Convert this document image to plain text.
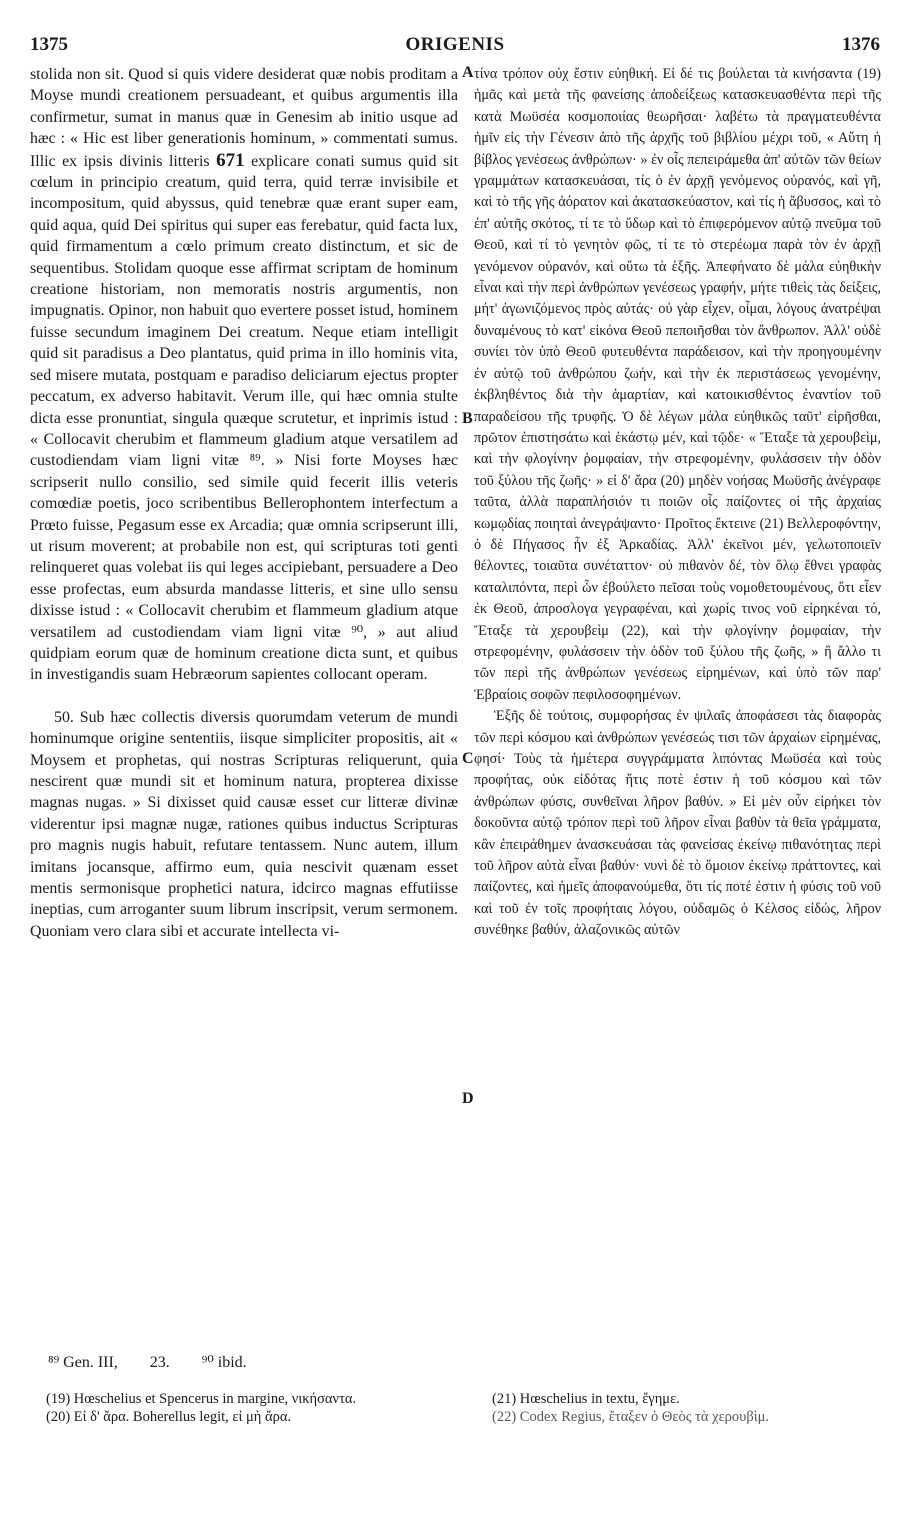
1375	ORIGENIS	1376

stolida non sit. Quod si quis videre desiderat quæ nobis proditam a Moyse mundi creationem persuadeant, et quibus argumentis illa confirmetur, sumat in manus quæ in Genesim ab initio usque ad hæc : « Hic est liber generationis hominum, » commentati sumus. Illic ex ipsis divinis litteris 671 explicare conati sumus quid sit cœlum in principio creatum, quid terra, quid terræ invisibile et incompositum, quid abyssus, quid tenebræ quæ erant super eam, quid aqua, quid Dei spiritus qui super eas ferebatur, quid facta lux, quid firmamentum a cœlo primum creato distinctum, et sic de sequentibus. Stolidam quoque esse affirmat scriptam de hominum creatione historiam, non memoratis nostris argumentis, non impugnatis. Opinor, non habuit quo evertere posset istud, hominem fuisse secundum imaginem Dei creatum. Neque etiam intelligit quid sit paradisus a Deo plantatus, quid prima in illo hominis vita, sed misere mutata, postquam e paradiso deliciarum ejectus propter peccatum, ex adverso habitavit. Verum ille, qui hæc omnia stulte dicta esse pronuntiat, singula quæque scrutetur, et inprimis istud : « Collocavit cherubim et flammeum gladium atque versatilem ad custodiendam viam ligni vitæ ⁸⁹. » Nisi forte Moyses hæc scripserit nullo consilio, sed simile quid fecerit illis veteris comœdiæ poetis, joco scribentibus Bellerophontem interfectum a Prœto fuisse, Pegasum esse ex Arcadia; quæ omnia scripserunt illi, ut risum moverent; at probabile non est, qui scripturas toti genti relinqueret quas volebat iis qui leges accipiebant, persuadere a Deo esse profectas, eum absurda mandasse litteris, et sine ullo sensu dixisse istud : « Collocavit cherubim et flammeum gladium atque versatilem ad custodiendam viam ligni vitæ ⁹⁰, » aut aliud quidpiam eorum quæ de hominum creatione dicta sunt, et quibus in investigandis suam Hebræorum sapientes collocant operam.

50. Sub hæc collectis diversis quorumdam veterum de mundi hominumque origine sententiis, iisque simpliciter propositis, ait « Moysem et prophetas, qui nostras Scripturas reliquerunt, quia nescirent quæ mundi sit et hominum natura, propterea dixisse magnas nugas. » Si dixisset quid causæ esset cur litteræ divinæ viderentur ipsi magnæ nugæ, rationes quibus inductus Scripturas pro magnis nugis habuit, refutare tentassem. Nunc autem, illum imitans jocansque, affirmo eum, quia nescivit quænam esset mentis sermonisque prophetici natura, idcirco magnas effutiisse ineptias, cum arroganter suum librum inscripsit, verum sermonem. Quoniam vero clara sibi et accurate intellecta vi-

τίνα τρόπον οὐχ ἔστιν εὐηθική. Εἰ δέ τις βούλεται τὰ κινήσαντα (19) ἡμᾶς καὶ μετὰ τῆς φανείσης ἀποδείξεως κατασκευασθέντα περὶ τῆς κατὰ Μωϋσέα κοσμοποιίας θεωρῆσαι· λαβέτω τὰ πραγματευθέντα ἡμῖν εἰς τὴν Γένεσιν ἀπὸ τῆς ἀρχῆς τοῦ βιβλίου μέχρι τοῦ, « Αὕτη ἡ βίβλος γενέσεως ἀνθρώπων· » ἐν οἷς πεπειράμεθα ἀπ' αὐτῶν τῶν θείων γραμμάτων κατασκευάσαι, τίς ὁ ἐν ἀρχῇ γενόμενος οὐρανός, καὶ γῆ, καὶ τὸ τῆς γῆς ἀόρατον καὶ ἀκατασκεύαστον, καὶ τίς ἡ ἄβυσσος, καὶ τὸ ἐπ' αὐτῆς σκότος, τί τε τὸ ὕδωρ καὶ τὸ ἐπιφερόμενον αὐτῷ πνεῦμα τοῦ Θεοῦ, καὶ τί τὸ γενητὸν φῶς, τί τε τὸ στερέωμα παρὰ τὸν ἐν ἀρχῇ γενόμενον οὐρανόν, καὶ οὕτω τὰ ἑξῆς. Ἀπεφήνατο δὲ μάλα εὐηθικὴν εἶναι καὶ τὴν περὶ ἀνθρώπων γενέσεως γραφήν, μήτε τιθεὶς τὰς δείξεις, μήτ' ἀγωνιζόμενος πρὸς αὐτάς· οὐ γὰρ εἶχεν, οἶμαι, λόγους ἀνατρέψαι δυναμένους τὸ κατ' εἰκόνα Θεοῦ πεποιῆσθαι τὸν ἄνθρωπον. Ἀλλ' οὐδὲ συνίει τὸν ὑπὸ Θεοῦ φυτευθέντα παράδεισον, καὶ τὴν προηγουμένην ἐν αὐτῷ τοῦ ἀνθρώπου ζωήν, καὶ τὴν ἐκ περιστάσεως γενομένην, ἐκβληθέντος διὰ τὴν ἁμαρτίαν, καὶ κατοικισθέντος ἐναντίον τοῦ παραδείσου τῆς τρυφῆς. Ὁ δὲ λέγων μάλα εὐηθικῶς ταῦτ' εἰρῆσθαι, πρῶτον ἐπιστησάτω καὶ ἑκάστῳ μέν, καὶ τῷδε· « Ἔταξε τὰ χερουβεὶμ, καὶ τὴν φλογίνην ῥομφαίαν, τὴν στρεφομένην, φυλάσσειν τὴν ὁδὸν τοῦ ξύλου τῆς ζωῆς· » εἰ δ' ἄρα (20) μηδὲν νοήσας Μωϋσῆς ἀνέγραφε ταῦτα, ἀλλὰ παραπλήσιόν τι ποιῶν οἷς παίζοντες οἱ τῆς ἀρχαίας κωμῳδίας ποιηταὶ ἀνεγράψαντο· Προῖτος ἔκτεινε (21) Βελλεροφόντην, ὁ δὲ Πήγασος ἦν ἐξ Ἀρκαδίας. Ἀλλ' ἐκεῖνοι μέν, γελωτοποιεῖν θέλοντες, τοιαῦτα συνέταττον· οὐ πιθανὸν δέ, τὸν ὅλῳ ἔθνει γραφὰς καταλιπόντα, περὶ ὧν ἐβούλετο πεῖσαι τοὺς νομοθετουμένους, ὅτι εἶεν ἐκ Θεοῦ, ἀπροσλογα γεγραφέναι, καὶ χωρίς τινος νοῦ εἰρηκέναι τό, Ἔταξε τὰ χερουβεὶμ (22), καὶ τὴν φλογίνην ῥομφαίαν, τὴν στρεφομένην, φυλάσσειν τὴν ὁδὸν τοῦ ξύλου τῆς ζωῆς, » ἢ ἄλλο τι τῶν περὶ τῆς ἀνθρώπων γενέσεως εἰρημένων, καὶ ὑπὸ τῶν παρ' Ἑβραίοις σοφῶν πεφιλοσοφημένων.

Ἑξῆς δὲ τούτοις, συμφορήσας ἐν ψιλαῖς ἀποφάσεσι τὰς διαφορὰς τῶν περὶ κόσμου καὶ ἀνθρώπων γενέσεώς τισι τῶν ἀρχαίων εἰρημένας, φησί· Τοὺς τὰ ἡμέτερα συγγράμματα λιπόντας Μωϋσέα καὶ τοὺς προφήτας, οὐκ εἰδότας ἥτις ποτὲ ἐστιν ἡ τοῦ κόσμου καὶ τῶν ἀνθρώπων φύσις, συνθεῖναι λῆρον βαθύν. » Εἰ μὲν οὖν εἰρήκει τὸν δοκοῦντα αὐτῷ τρόπον περὶ τοῦ λῆρον εἶναι βαθὺν τὰ θεῖα γράμματα, κἂν ἐπειράθημεν ἀνασκευάσαι τὰς φανείσας ἐκείνῳ πιθανότητας περὶ τοῦ λῆρον αὐτὰ εἶναι βαθύν· νυνὶ δὲ τὸ ὅμοιον ἐκείνῳ πράττοντες, καὶ παίζοντες, καὶ ἡμεῖς ἀποφανούμεθα, ὅτι τίς ποτέ ἐστιν ἡ φύσις τοῦ νοῦ καὶ τοῦ ἐν τοῖς προφήταις λόγου, οὐδαμῶς ὁ Κέλσος εἰδώς, λῆρον συνέθηκε βαθύν, ἀλαζονικῶς αὐτῶν

A
B
C
D
⁸⁹ Gen. III, 23. ⁹⁰ ibid.

(19) Hœschelius et Spencerus in margine, νικήσαντα.

(20) Εἰ δ' ἄρα. Boherellus legit, εἰ μὴ ἄρα.

(21) Hœschelius in textu, ἔγημε.

(22) Codex Regius, ἔταξεν ὁ Θεὸς τὰ χερουβὶμ.
